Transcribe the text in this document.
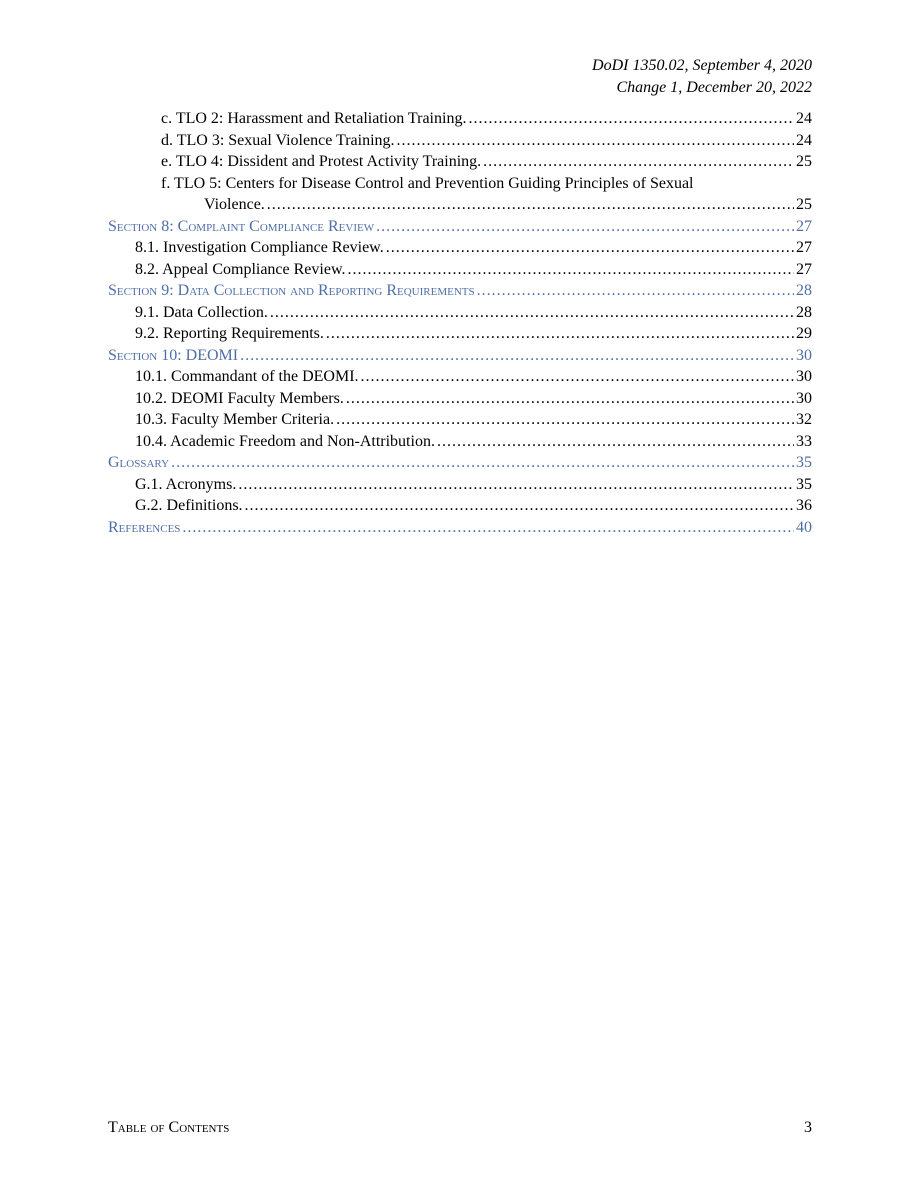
DoDI 1350.02, September 4, 2020
Change 1, December 20, 2022
c. TLO 2: Harassment and Retaliation Training. . . .	24
d. TLO 3: Sexual Violence Training. . . .	24
e. TLO 4: Dissident and Protest Activity Training. . . .	25
f. TLO 5: Centers for Disease Control and Prevention Guiding Principles of Sexual
Violence. . . .	25
Section 8: Complaint Compliance Review . . .	27
8.1. Investigation Compliance Review. . . .	27
8.2. Appeal Compliance Review. . . .	27
Section 9: Data Collection and Reporting Requirements . . .	28
9.1. Data Collection. . . .	28
9.2. Reporting Requirements. . . .	29
Section 10: DEOMI . . .	30
10.1. Commandant of the DEOMI. . . .	30
10.2. DEOMI Faculty Members. . . .	30
10.3. Faculty Member Criteria. . . .	32
10.4. Academic Freedom and Non-Attribution. . . .	33
Glossary . . .	35
G.1. Acronyms. . . .	35
G.2. Definitions. . . .	36
References . . .	40
Table of Contents	3
